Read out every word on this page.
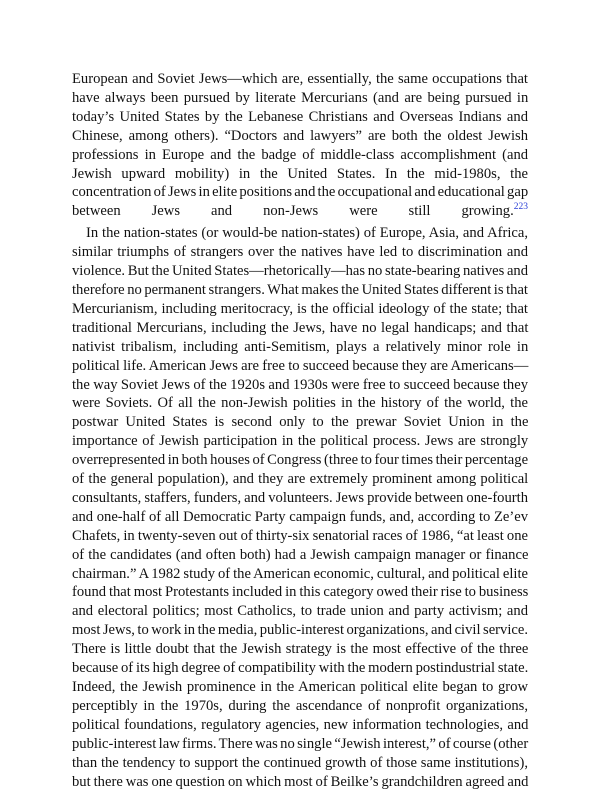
European and Soviet Jews—which are, essentially, the same occupations that
have always been pursued by literate Mercurians (and are being pursued in
today’s United States by the Lebanese Christians and Overseas Indians and
Chinese, among others). “Doctors and lawyers” are both the oldest Jewish
professions in Europe and the badge of middle-class accomplishment (and
Jewish upward mobility) in the United States. In the mid-1980s, the
concentration of Jews in elite positions and the occupational and educational gap
between Jews and non-Jews were still growing.$^{223}$
In the nation-states (or would-be nation-states) of Europe, Asia, and Africa,
similar triumphs of strangers over the natives have led to discrimination and
violence. But the United States—rhetorically—has no state-bearing natives and
therefore no permanent strangers. What makes the United States different is that
Mercurianism, including meritocracy, is the official ideology of the state; that
traditional Mercurians, including the Jews, have no legal handicaps; and that
nativist tribalism, including anti-Semitism, plays a relatively minor role in
political life. American Jews are free to succeed because they are Americans—
the way Soviet Jews of the 1920s and 1930s were free to succeed because they
were Soviets. Of all the non-Jewish polities in the history of the world, the
postwar United States is second only to the prewar Soviet Union in the
importance of Jewish participation in the political process. Jews are strongly
overrepresented in both houses of Congress (three to four times their percentage
of the general population), and they are extremely prominent among political
consultants, staffers, funders, and volunteers. Jews provide between one-fourth
and one-half of all Democratic Party campaign funds, and, according to Ze’ev
Chafets, in twenty-seven out of thirty-six senatorial races of 1986, “at least one
of the candidates (and often both) had a Jewish campaign manager or finance
chairman.” A 1982 study of the American economic, cultural, and political elite
found that most Protestants included in this category owed their rise to business
and electoral politics; most Catholics, to trade union and party activism; and
most Jews, to work in the media, public-interest organizations, and civil service.
There is little doubt that the Jewish strategy is the most effective of the three
because of its high degree of compatibility with the modern postindustrial state.
Indeed, the Jewish prominence in the American political elite began to grow
perceptibly in the 1970s, during the ascendance of nonprofit organizations,
political foundations, regulatory agencies, new information technologies, and
public-interest law firms. There was no single “Jewish interest,” of course (other
than the tendency to support the continued growth of those same institutions),
but there was one question on which most of Beilke’s grandchildren agreed and
